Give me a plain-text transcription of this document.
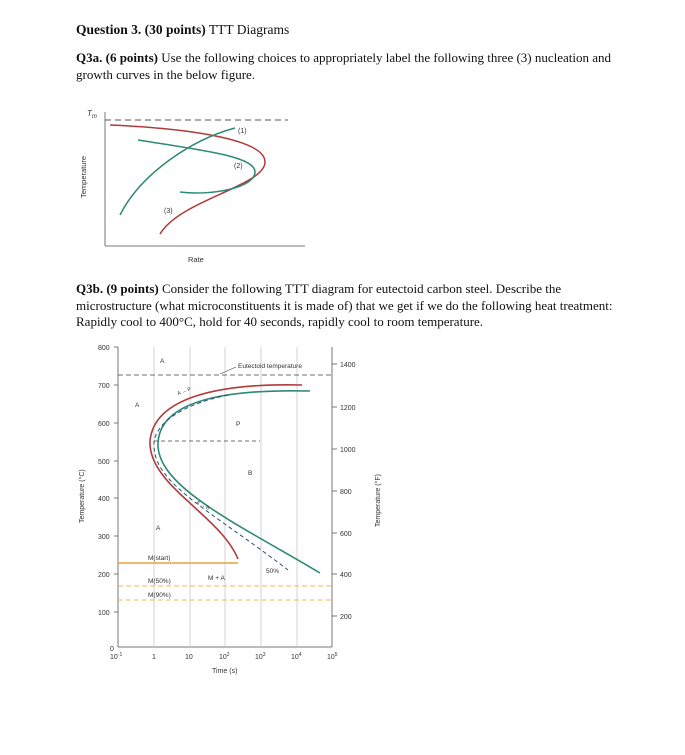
Question 3. (30 points) TTT Diagrams
Q3a. (6 points) Use the following choices to appropriately label the following three (3) nucleation and growth curves in the below figure.
$T_m$
Temperature
Rate
(1)
(2)
(3)
Q3b. (9 points) Consider the following TTT diagram for eutectoid carbon steel. Describe the microstructure (what microconstituents it is made of) that we get if we do the following heat treatment: Rapidly cool to 400°C, hold for 40 seconds, rapidly cool to room temperature.
800
700
600
500
400
300
200
100
0
1400
1200
1000
800
600
400
200
$10^{-1}$	1	10	$10^2$	$10^3$	$10^4$	$10^5$
Time (s)
Temperature (°C)	Temperature (°F)
Eutectoid temperature
A
A
A
P
B
M + A
50%
M(start)
M(50%)
M(90%)
A → P
A → B
